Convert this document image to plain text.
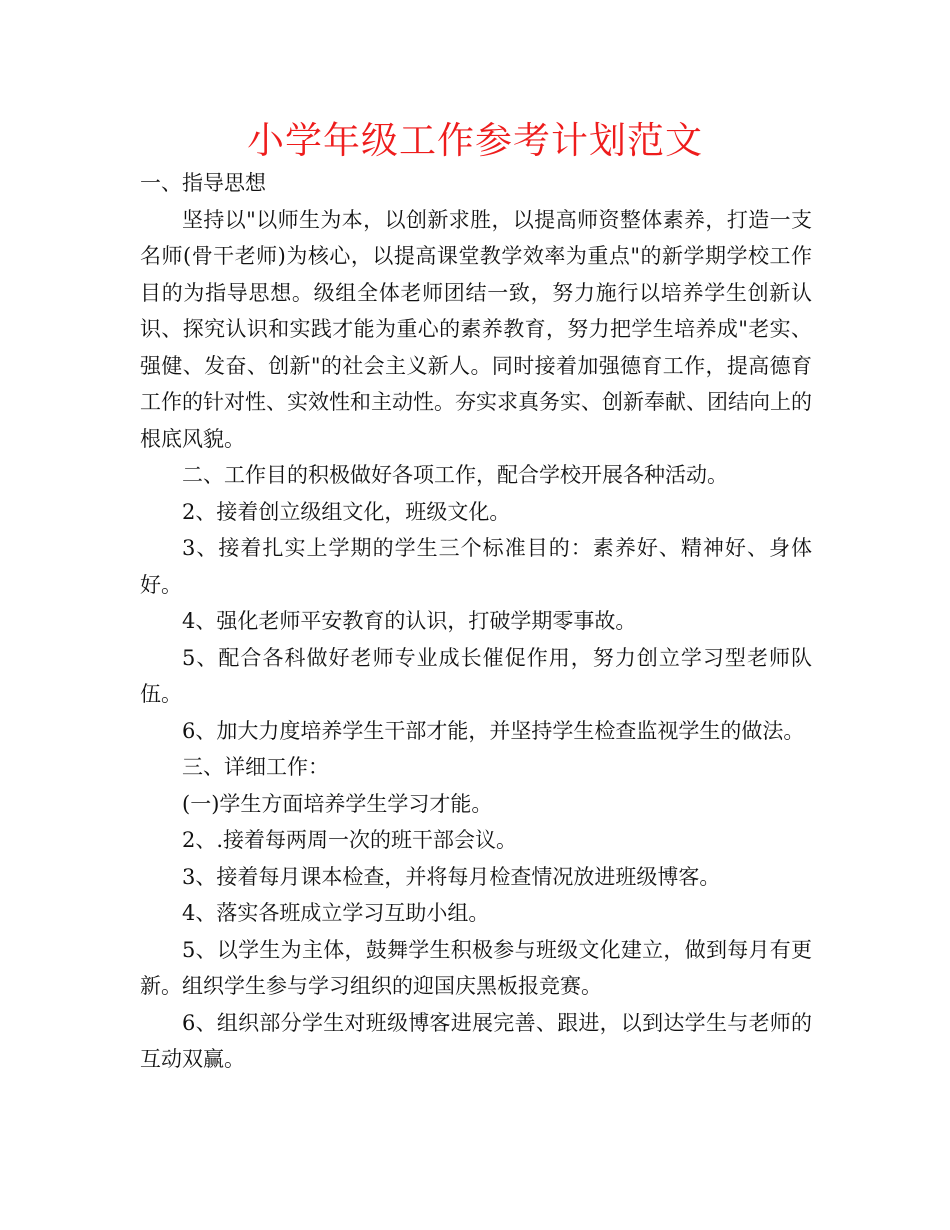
小学年级工作参考计划范文

一、指导思想

坚持以"以师生为本，以创新求胜，以提高师资整体素养，打造一支名师(骨干老师)为核心，以提高课堂教学效率为重点"的新学期学校工作目的为指导思想。级组全体老师团结一致，努力施行以培养学生创新认识、探究认识和实践才能为重心的素养教育，努力把学生培养成"老实、强健、发奋、创新"的社会主义新人。同时接着加强德育工作，提高德育工作的针对性、实效性和主动性。夯实求真务实、创新奉献、团结向上的根底风貌。

二、工作目的积极做好各项工作，配合学校开展各种活动。

2、接着创立级组文化，班级文化。

3、接着扎实上学期的学生三个标准目的：素养好、精神好、身体好。

4、强化老师平安教育的认识，打破学期零事故。

5、配合各科做好老师专业成长催促作用，努力创立学习型老师队伍。

6、加大力度培养学生干部才能，并坚持学生检查监视学生的做法。

三、详细工作：

(一)学生方面培养学生学习才能。

2、.接着每两周一次的班干部会议。

3、接着每月课本检查，并将每月检查情况放进班级博客。

4、落实各班成立学习互助小组。

5、以学生为主体，鼓舞学生积极参与班级文化建立，做到每月有更新。组织学生参与学习组织的迎国庆黑板报竞赛。

6、组织部分学生对班级博客进展完善、跟进，以到达学生与老师的互动双赢。
